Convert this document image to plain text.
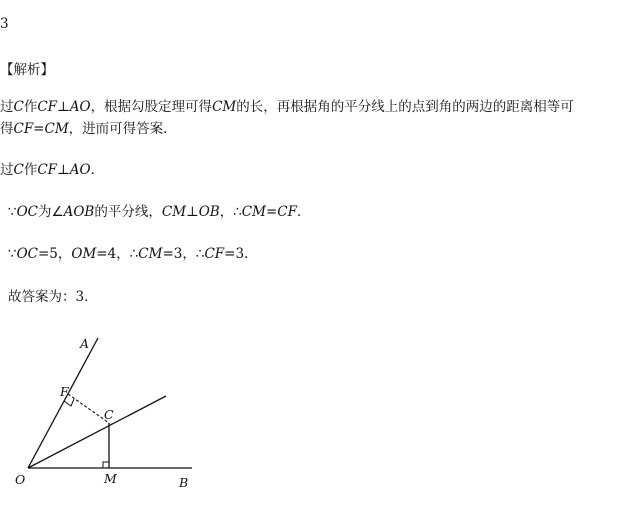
3
【解析】
过C作CF⊥AO，根据勾股定理可得CM的长，再根据角的平分线上的点到角的两边的距离相等可
得CF=CM，进而可得答案．
过C作CF⊥AO．
∵OC为∠AOB的平分线，CM⊥OB，∴CM=CF．
∵OC=5，OM=4，∴CM=3，∴CF=3．
故答案为：3．
A
F
C
O	M	B
